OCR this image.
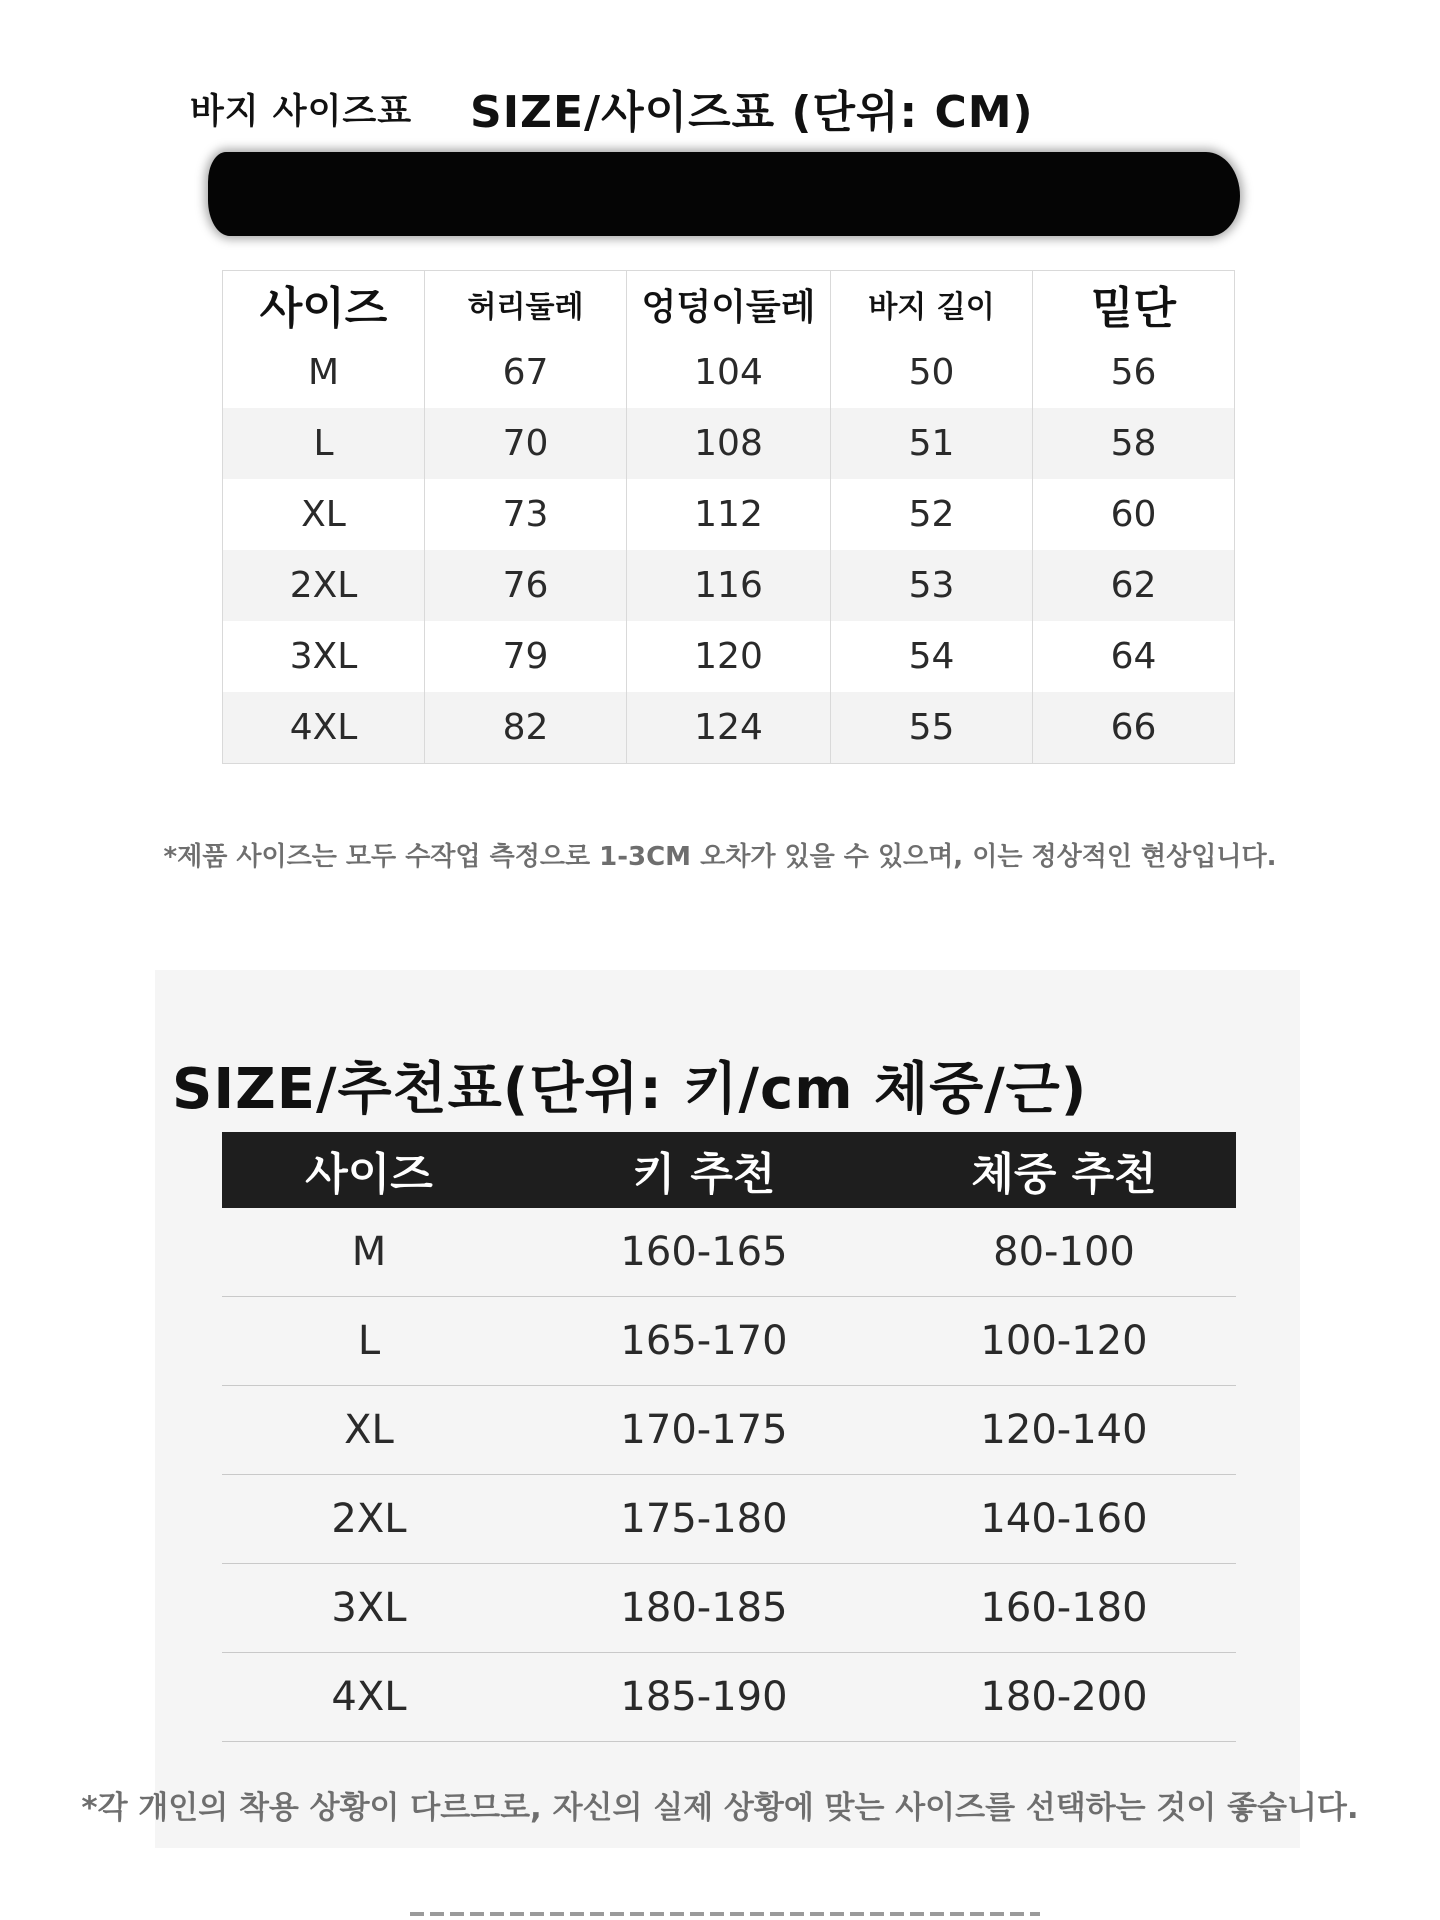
바지 사이즈표 SIZE/사이즈표 (단위: CM)
사이즈	허리둘레	엉덩이둘레	바지 길이	밑단
M	67	104	50	56
L	70	108	51	58
XL	73	112	52	60
2XL	76	116	53	62
3XL	79	120	54	64
4XL	82	124	55	66
*제품 사이즈는 모두 수작업 측정으로 1-3CM 오차가 있을 수 있으며, 이는 정상적인 현상입니다.
SIZE/추천표(단위: 키/cm 체중/근)
사이즈	키 추천	체중 추천
M	160-165	80-100
L	165-170	100-120
XL	170-175	120-140
2XL	175-180	140-160
3XL	180-185	160-180
4XL	185-190	180-200
*각 개인의 착용 상황이 다르므로, 자신의 실제 상황에 맞는 사이즈를 선택하는 것이 좋습니다.
